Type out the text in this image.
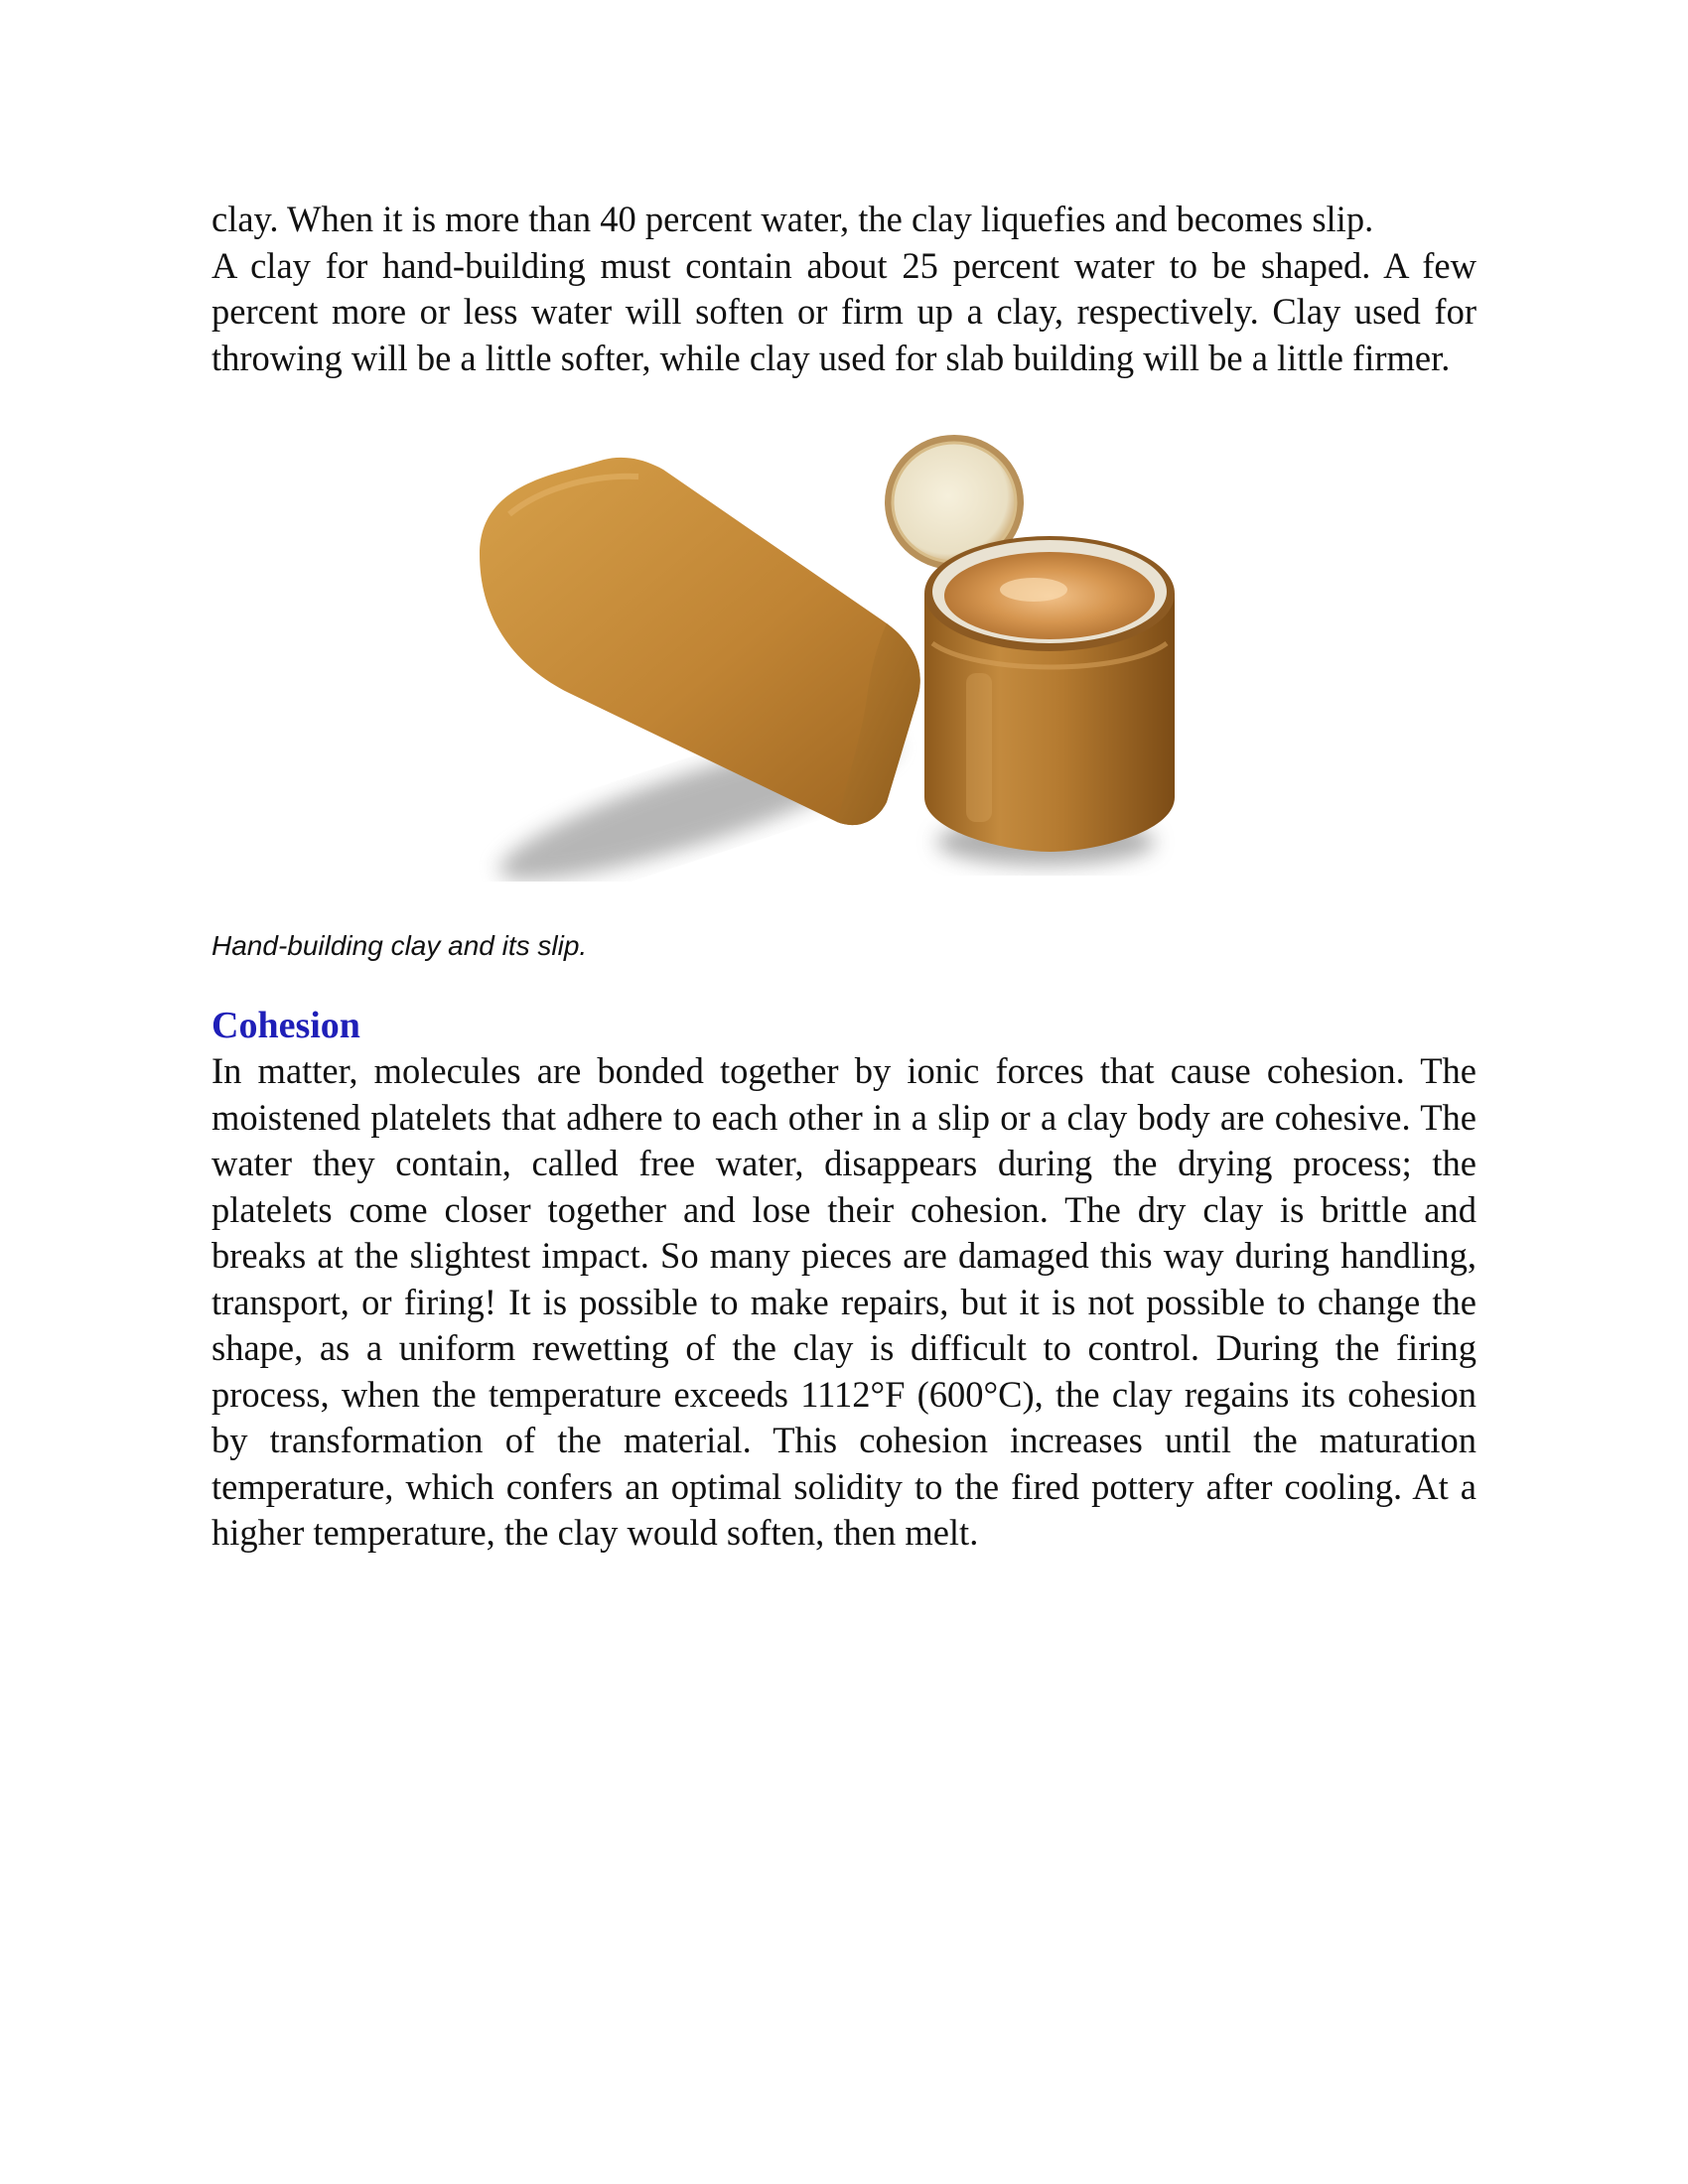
clay. When it is more than 40 percent water, the clay liquefies and becomes slip.

A clay for hand-building must contain about 25 percent water to be shaped. A few percent more or less water will soften or firm up a clay, respectively. Clay used for throwing will be a little softer, while clay used for slab building will be a little firmer.

Hand-building clay and its slip.

Cohesion

In matter, molecules are bonded together by ionic forces that cause cohesion. The moistened platelets that adhere to each other in a slip or a clay body are cohesive. The water they contain, called free water, disappears during the drying process; the platelets come closer together and lose their cohesion. The dry clay is brittle and breaks at the slightest impact. So many pieces are damaged this way during handling, transport, or firing! It is possible to make repairs, but it is not possible to change the shape, as a uniform rewetting of the clay is difficult to control. During the firing process, when the temperature exceeds 1112°F (600°C), the clay regains its cohesion by transformation of the material. This cohesion increases until the maturation temperature, which confers an optimal solidity to the fired pottery after cooling. At a higher temperature, the clay would soften, then melt.
